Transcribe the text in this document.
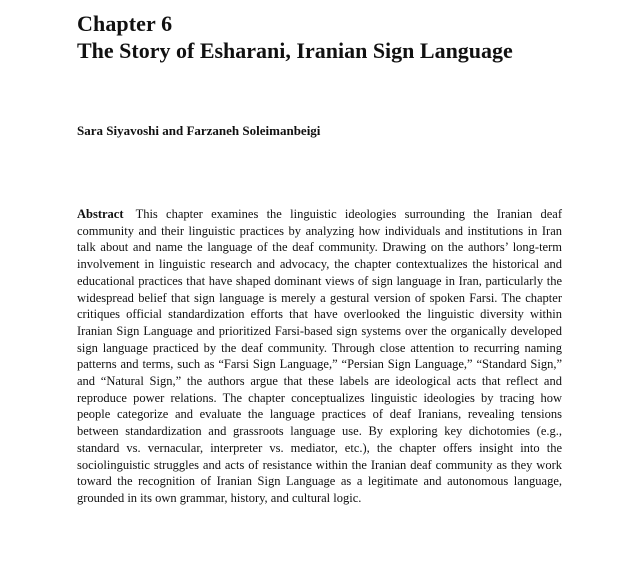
Chapter 6
The Story of Esharani, Iranian Sign Language
Sara Siyavoshi and Farzaneh Soleimanbeigi

Abstract This chapter examines the linguistic ideologies surrounding the Iranian deaf community and their linguistic practices by analyzing how individuals and institutions in Iran talk about and name the language of the deaf community. Drawing on the authors’ long-term involvement in linguistic research and advocacy, the chapter contextualizes the historical and educational practices that have shaped dominant views of sign language in Iran, particularly the widespread belief that sign language is merely a gestural version of spoken Farsi. The chapter critiques official standardization efforts that have overlooked the linguistic diversity within Iranian Sign Language and prioritized Farsi-based sign systems over the organically developed sign language practiced by the deaf community. Through close attention to recurring naming patterns and terms, such as “Farsi Sign Language,” “Persian Sign Language,” “Standard Sign,” and “Natural Sign,” the authors argue that these labels are ideological acts that reflect and reproduce power relations. The chapter conceptualizes linguistic ideologies by tracing how people categorize and evaluate the language practices of deaf Iranians, revealing tensions between standardization and grassroots language use. By exploring key dichotomies (e.g., standard vs. vernacular, interpreter vs. mediator, etc.), the chapter offers insight into the sociolinguistic struggles and acts of resistance within the Iranian deaf community as they work toward the recognition of Iranian Sign Language as a legitimate and autonomous language, grounded in its own grammar, history, and cultural logic.
